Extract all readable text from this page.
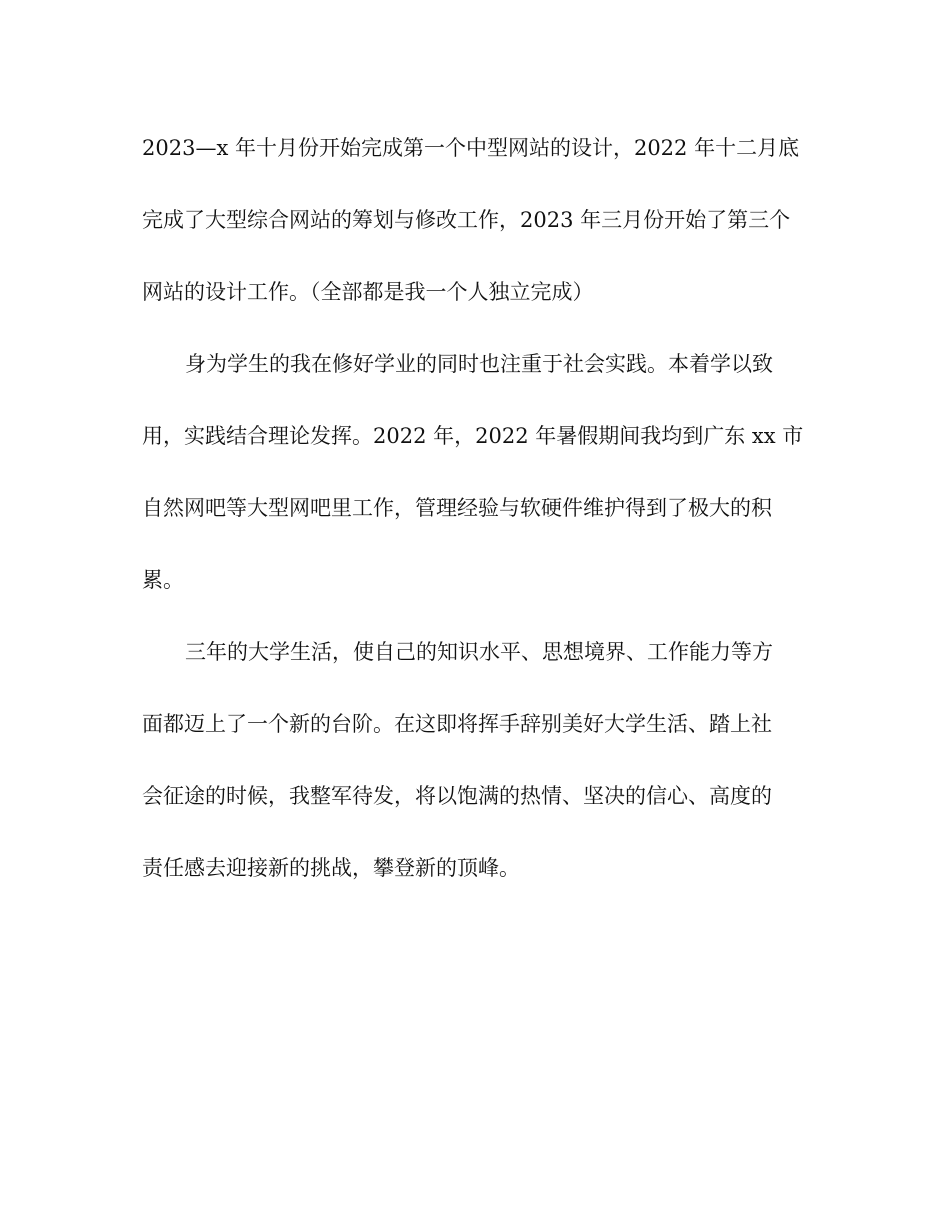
2023—x 年十月份开始完成第一个中型网站的设计，2022 年十二月底
完成了大型综合网站的筹划与修改工作，2023 年三月份开始了第三个
网站的设计工作。（全部都是我一个人独立完成）
身为学生的我在修好学业的同时也注重于社会实践。本着学以致
用，实践结合理论发挥。2022 年，2022 年暑假期间我均到广东 xx 市
自然网吧等大型网吧里工作，管理经验与软硬件维护得到了极大的积
累。
三年的大学生活，使自己的知识水平、思想境界、工作能力等方
面都迈上了一个新的台阶。在这即将挥手辞别美好大学生活、踏上社
会征途的时候，我整军待发，将以饱满的热情、坚决的信心、高度的
责任感去迎接新的挑战，攀登新的顶峰。
